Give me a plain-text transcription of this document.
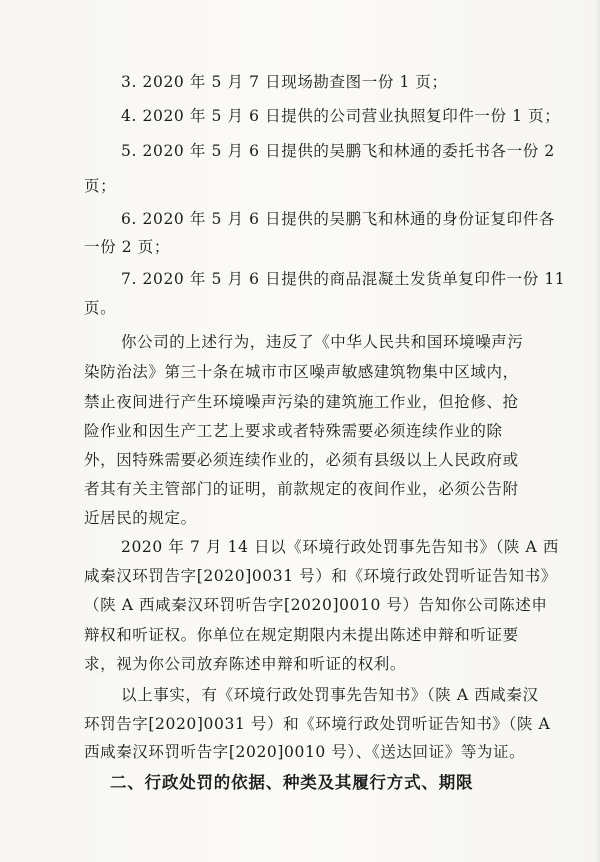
3. 2020 年 5 月 7 日现场勘查图一份 1 页；
4. 2020 年 5 月 6 日提供的公司营业执照复印件一份 1 页；
5. 2020 年 5 月 6 日提供的吴鹏飞和林通的委托书各一份 2
页；
6. 2020 年 5 月 6 日提供的吴鹏飞和林通的身份证复印件各
一份 2 页；
7. 2020 年 5 月 6 日提供的商品混凝土发货单复印件一份 11
页。
你公司的上述行为，违反了《中华人民共和国环境噪声污
染防治法》第三十条在城市市区噪声敏感建筑物集中区域内，
禁止夜间进行产生环境噪声污染的建筑施工作业，但抢修、抢
险作业和因生产工艺上要求或者特殊需要必须连续作业的除
外，因特殊需要必须连续作业的，必须有县级以上人民政府或
者其有关主管部门的证明，前款规定的夜间作业，必须公告附
近居民的规定。
2020 年 7 月 14 日以《环境行政处罚事先告知书》（陕 A 西
咸秦汉环罚告字[2020]0031 号）和《环境行政处罚听证告知书》
（陕 A 西咸秦汉环罚听告字[2020]0010 号）告知你公司陈述申
辩权和听证权。你单位在规定期限内未提出陈述申辩和听证要
求，视为你公司放弃陈述申辩和听证的权利。
以上事实，有《环境行政处罚事先告知书》（陕 A 西咸秦汉
环罚告字[2020]0031 号）和《环境行政处罚听证告知书》（陕 A
西咸秦汉环罚听告字[2020]0010 号）、《送达回证》等为证。
二、行政处罚的依据、种类及其履行方式、期限
